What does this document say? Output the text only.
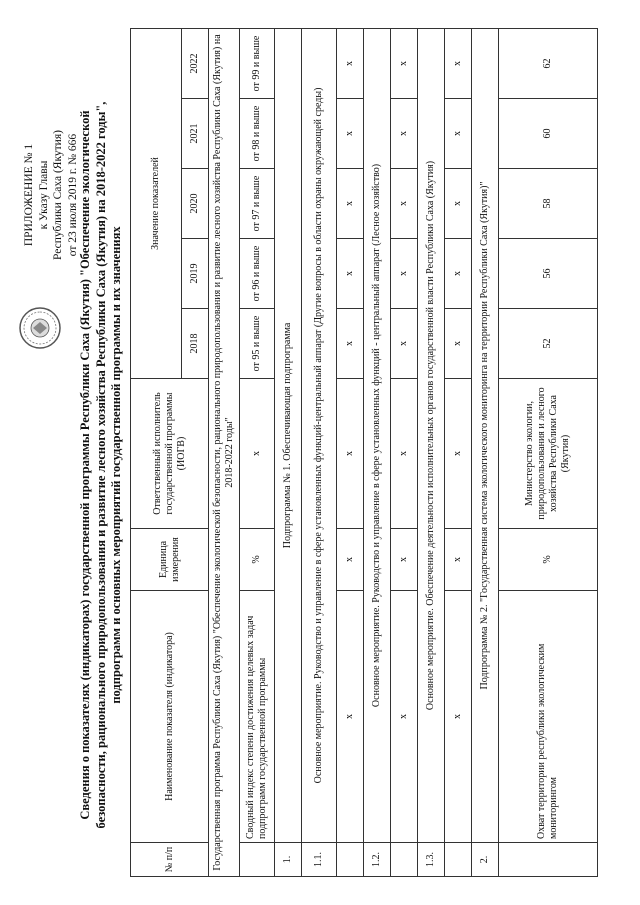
ПРИЛОЖЕНИЕ № 1 к Указу Главы Республики Саха (Якутия) от 23 июля 2019 г. № 666 Сведения о показателях (индикаторах) государственной программы Республики Саха (Якутия) "Обеспечение экологической безопасности, рационального природопользования и развитие лесного хозяйства Республики Саха (Якутия) на 2018-2022 годы", подпрограмм и основных мероприятий государственной программы и их значениях
№ п/п	Наименование показателя (индикатора)	Единица измерения	Ответственный исполнитель государственной программы (ИОГВ)	Значение показателей				
				2018	2019	2020	2021	2022
Государственная программа Республики Саха (Якутия) "Обеспечение экологической безопасности, рационального природопользования и развитие лесного хозяйства Республики Саха (Якутия) на 2018-2022 годы"								
	Сводный индекс степени достижения целевых задач подпрограмм государственной программы	%	x	от 95 и выше	от 96 и выше	от 97 и выше	от 98 и выше	от 99 и выше
1.	Подпрограмма № 1. Обеспечивающая подпрограмма							
1.1.	Основное мероприятие. Руководство и управление в сфере установленных функций-центральный аппарат (Другие вопросы в области охраны окружающей среды)							
	x	x	x	x	x	x	x	x
1.2.	Основное мероприятие. Руководство и управление в сфере установленных функций - центральный аппарат (Лесное хозяйство)							
	x	x	x	x	x	x	x	x
1.3.	Основное мероприятие. Обеспечение деятельности исполнительных органов государственной власти Республики Саха (Якутия)							
	x	x	x	x	x	x	x	x
2.	Подпрограмма № 2. "Государственная система экологического мониторинга на территории Республики Саха (Якутия)"							
	Охват территории республики экологическим мониторингом	%	Министерство экологии, природопользования и лесного хозяйства Республики Саха (Якутия)	52	56	58	60	62
